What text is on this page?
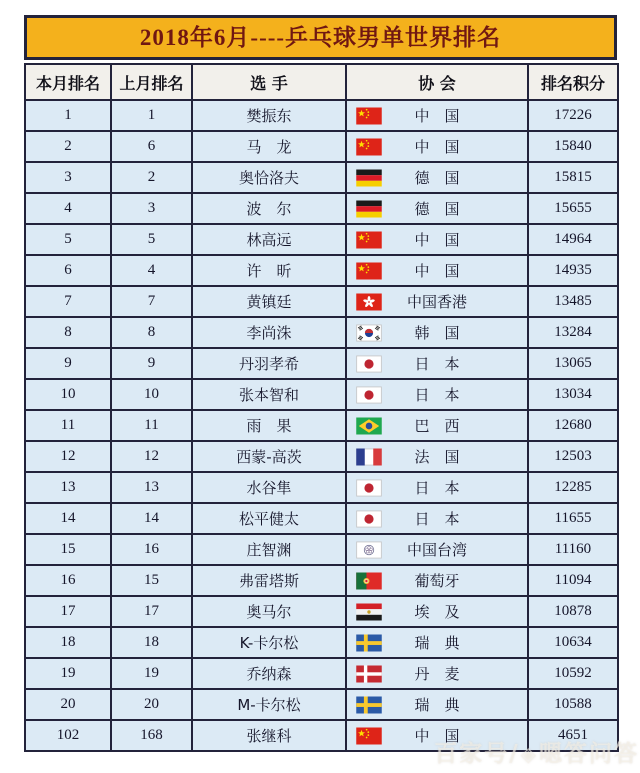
2018年6月----乒乓球男单世界排名
本月排名	上月排名	选 手	协 会	排名积分
1	1	樊振东	中　国	17226
2	6	马　龙	中　国	15840
3	2	奥恰洛夫	德　国	15815
4	3	波　尔	德　国	15655
5	5	林高远	中　国	14964
6	4	许　昕	中　国	14935
7	7	黄镇廷	中国香港	13485
8	8	李尚洙	韩　国	13284
9	9	丹羽孝希	日　本	13065
10	10	张本智和	日　本	13034
11	11	雨　果	巴　西	12680
12	12	西蒙-高茨	法　国	12503
13	13	水谷隼	日　本	12285
14	14	松平健太	日　本	11655
15	16	庄智渊	中国台湾	11160
16	15	弗雷塔斯	葡萄牙	11094
17	17	奥马尔	埃　及	10878
18	18	K-卡尔松	瑞　典	10634
19	19	乔纳森	丹　麦	10592
20	20	M-卡尔松	瑞　典	10588
102	168	张继科	中　国	4651
百家号/◈嗯答问答
